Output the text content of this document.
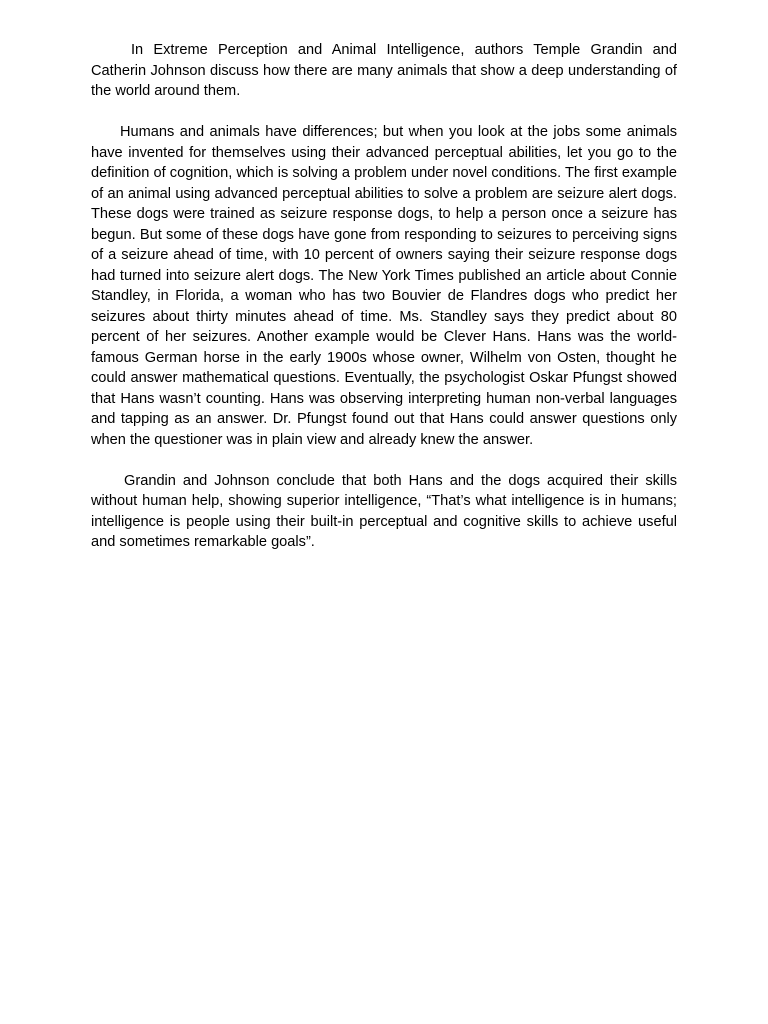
In Extreme Perception and Animal Intelligence, authors Temple Grandin and Catherin Johnson discuss how there are many animals that show a deep understanding of the world around them.

Humans and animals have differences; but when you look at the jobs some animals have invented for themselves using their advanced perceptual abilities, let you go to the definition of cognition, which is solving a problem under novel conditions. The first example of an animal using advanced perceptual abilities to solve a problem are seizure alert dogs. These dogs were trained as seizure response dogs, to help a person once a seizure has begun. But some of these dogs have gone from responding to seizures to perceiving signs of a seizure ahead of time, with 10 percent of owners saying their seizure response dogs had turned into seizure alert dogs. The New York Times published an article about Connie Standley, in Florida, a woman who has two Bouvier de Flandres dogs who predict her seizures about thirty minutes ahead of time. Ms. Standley says they predict about 80 percent of her seizures. Another example would be Clever Hans. Hans was the world-famous German horse in the early 1900s whose owner, Wilhelm von Osten, thought he could answer mathematical questions. Eventually, the psychologist Oskar Pfungst showed that Hans wasn’t counting. Hans was observing interpreting human non-verbal languages and tapping as an answer. Dr. Pfungst found out that Hans could answer questions only when the questioner was in plain view and already knew the answer.

Grandin and Johnson conclude that both Hans and the dogs acquired their skills without human help, showing superior intelligence, “That’s what intelligence is in humans; intelligence is people using their built-in perceptual and cognitive skills to achieve useful and sometimes remarkable goals”.
